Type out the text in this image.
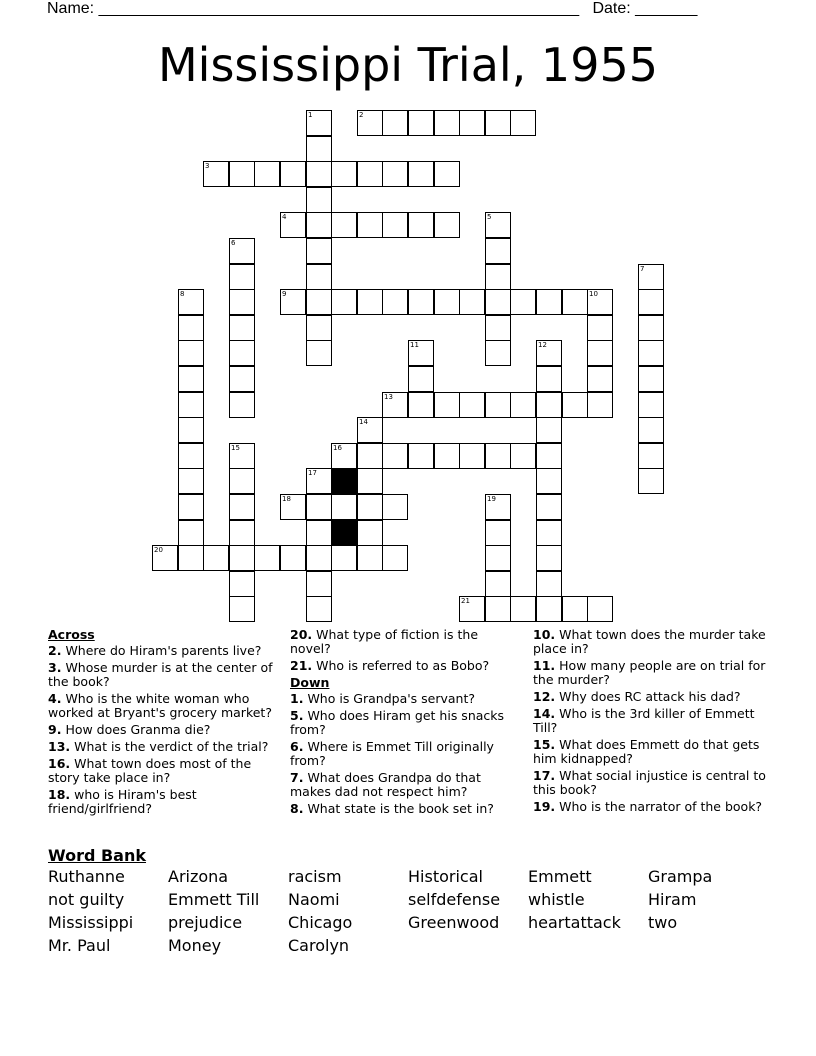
Name: ______________________________________________________ Date: _______
Mississippi Trial, 1955
1	2
3
4	5
6
7
8	9	10
11	12
13
14
15	16
17
18	19
20
21
Across
2. Where do Hiram's parents live?
3. Whose murder is at the center of the book?
4. Who is the white woman who worked at Bryant's grocery market?
9. How does Granma die?
13. What is the verdict of the trial?
16. What town does most of the story take place in?
18. who is Hiram's best friend/girlfriend?
20. What type of fiction is the novel?
21. Who is referred to as Bobo?
Down
1. Who is Grandpa's servant?
5. Who does Hiram get his snacks from?
6. Where is Emmet Till originally from?
7. What does Grandpa do that makes dad not respect him?
8. What state is the book set in?
10. What town does the murder take place in?
11. How many people are on trial for the murder?
12. Why does RC attack his dad?
14. Who is the 3rd killer of Emmett Till?
15. What does Emmett do that gets him kidnapped?
17. What social injustice is central to this book?
19. Who is the narrator of the book?
Word Bank
Ruthanne	Arizona	racism	Historical	Emmett	Grampa
not guilty	Emmett Till	Naomi	selfdefense	whistle	Hiram
Mississippi	prejudice	Chicago	Greenwood	heartattack	two
Mr. Paul	Money	Carolyn
